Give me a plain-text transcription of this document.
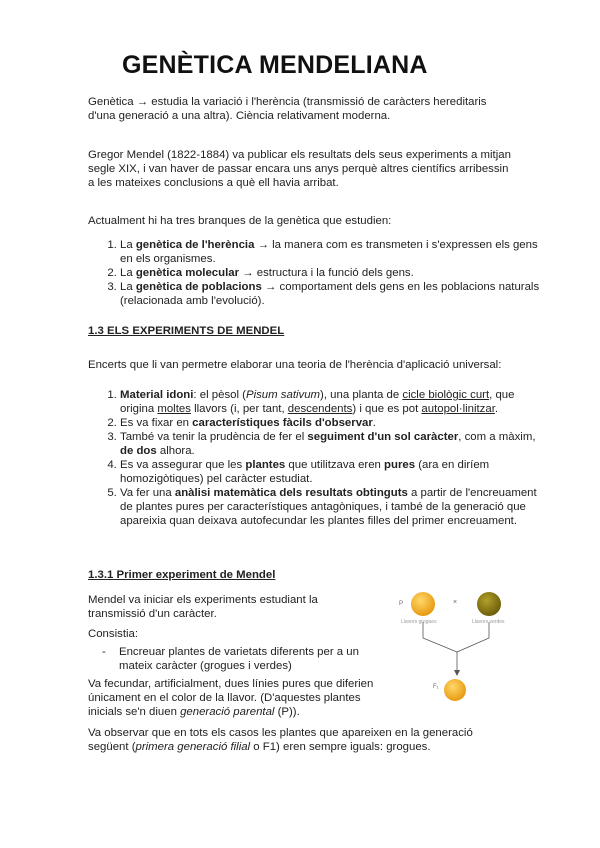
GENÈTICA MENDELIANA

Genètica → estudia la variació i l'herència (transmissió de caràcters hereditaris d'una generació a una altra). Ciència relativament moderna.

Gregor Mendel (1822-1884) va publicar els resultats dels seus experiments a mitjan segle XIX, i van haver de passar encara uns anys perquè altres científics arribessin a les mateixes conclusions a què ell havia arribat.

Actualment hi ha tres branques de la genètica que estudien:

1. La genètica de l'herència → la manera com es transmeten i s'expressen els gens en els organismes.
2. La genètica molecular → estructura i la funció dels gens.
3. La genètica de poblacions → comportament dels gens en les poblacions naturals (relacionada amb l'evolució).

1.3 ELS EXPERIMENTS DE MENDEL

Encerts que li van permetre elaborar una teoria de l'herència d'aplicació universal:

1. Material idoni: el pèsol (Pisum sativum), una planta de cicle biològic curt, que origina moltes llavors (i, per tant, descendents) i que es pot autopol·linitzar.
2. Es va fixar en característiques fàcils d'observar.
3. També va tenir la prudència de fer el seguiment d'un sol caràcter, com a màxim, de dos alhora.
4. Es va assegurar que les plantes que utilitzava eren pures (ara en diríem homozigòtiques) pel caràcter estudiat.
5. Va fer una anàlisi matemàtica dels resultats obtinguts a partir de l'encreuament de plantes pures per característiques antagòniques, i també de la generació que apareixia quan deixava autofecundar les plantes filles del primer encreuament.

1.3.1 Primer experiment de Mendel

Mendel va iniciar els experiments estudiant la transmissió d'un caràcter.

Consistia:

- Encreuar plantes de varietats diferents per a un mateix caràcter (grogues i verdes)

Va fecundar, artificialment, dues línies pures que diferien únicament en el color de la llavor. (D'aquestes plantes inicials se'n diuen generació parental (P)).

Va observar que en tots els casos les plantes que apareixen en la generació següent (primera generació filial o F1) eren sempre iguals: grogues.

P	×
F₁
Llavors grogues	Llavors verdes
